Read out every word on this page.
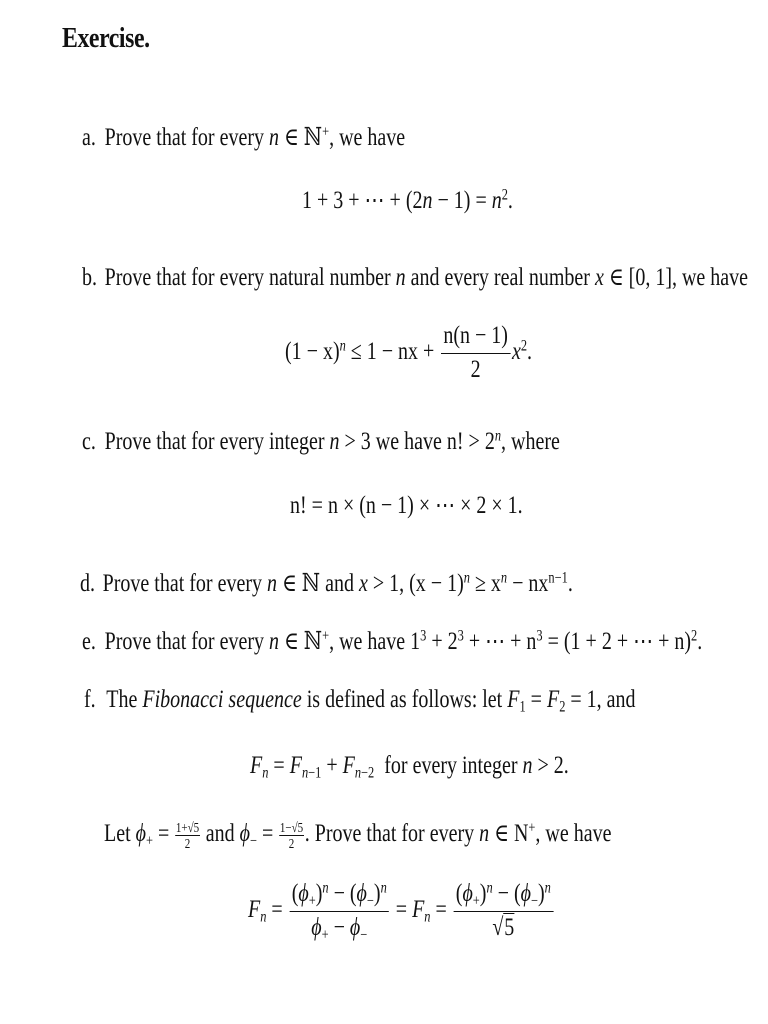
Exercise.
a. Prove that for every n ∈ ℕ+, we have
1 + 3 + ⋯ + $(2n - 1) = n^2$.
b. Prove that for every natural number n and every real number x ∈ [0, 1], we have
$(1 - x)^n \le 1$ − nx + $\frac{n(n - 1)}{2} x^2$.
c. Prove that for every integer n > 3 we have n! > $2^n$, where
n! = n × (n − 1) × ⋯ × 2 × 1.
d. Prove that for every n ∈ ℕ and x > 1, $(x - 1)^n \ge x^n - nx^{n-1}$.
e. Prove that for every n ∈ ℕ+, we have $1^3 + 2^3$ + ⋯ + $n^3 = (1 + 2$ + ⋯ + n)$^2$.
f. The Fibonacci sequence is defined as follows: let $F_1 = F_2 = 1$, and
$F_n = F_{n-1} + F_{n-2}$ for every integer n > 2.
Let $\phi_+ = \frac{1+√5}{2}$ and $\phi_- = \frac{1-√5}{2}$ . Prove that for every n ∈ N+, we have
$F_n = \frac{(\phi_+)^n - (\phi_-)^n}{\phi_+ - \phi_-} = F_n = \frac{(\phi_+)^n - (\phi_-)^n}{√5}$
